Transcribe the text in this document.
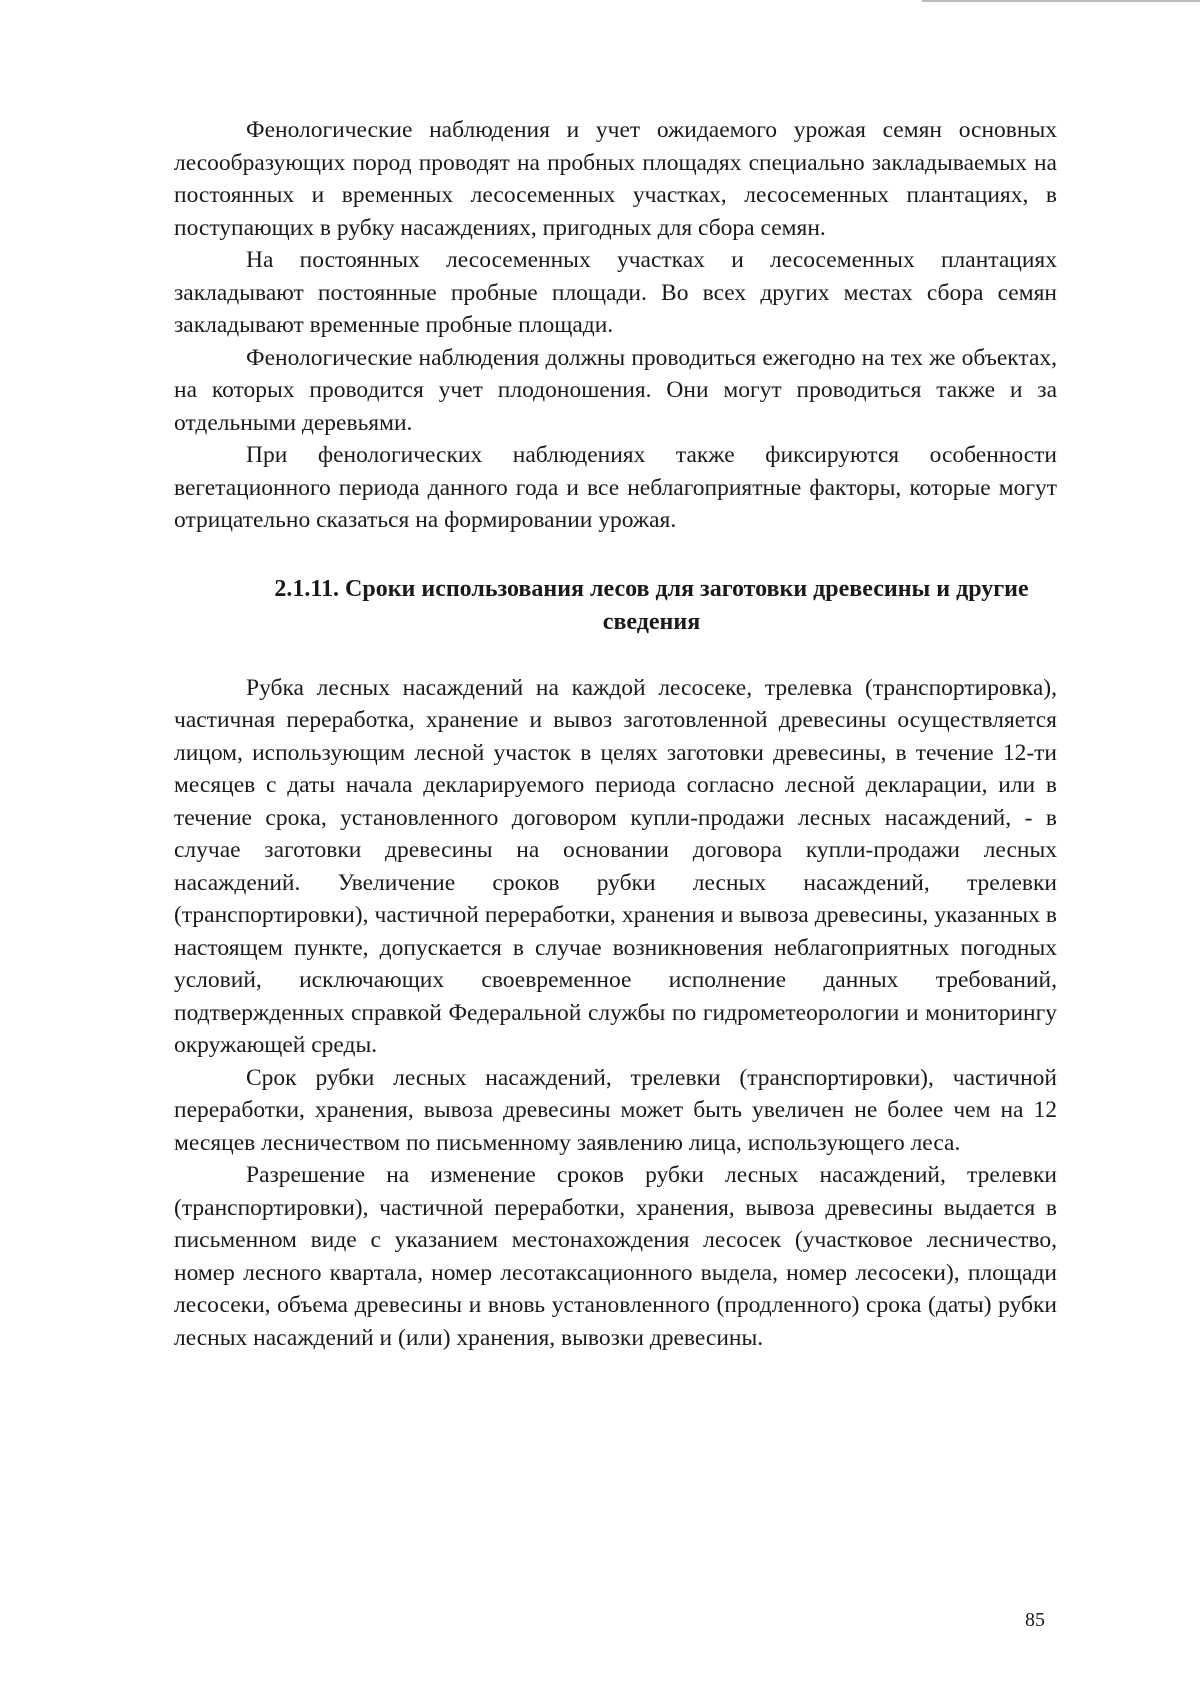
Фенологические наблюдения и учет ожидаемого урожая семян основных лесообразующих пород проводят на пробных площадях специально закладываемых на постоянных и временных лесосеменных участках, лесосеменных плантациях, в поступающих в рубку насаждениях, пригодных для сбора семян.

На постоянных лесосеменных участках и лесосеменных плантациях закладывают постоянные пробные площади. Во всех других местах сбора семян закладывают временные пробные площади.

Фенологические наблюдения должны проводиться ежегодно на тех же объектах, на которых проводится учет плодоношения. Они могут проводиться также и за отдельными деревьями.

При фенологических наблюдениях также фиксируются особенности вегетационного периода данного года и все неблагоприятные факторы, которые могут отрицательно сказаться на формировании урожая.

2.1.11. Сроки использования лесов для заготовки древесины и другие сведения

Рубка лесных насаждений на каждой лесосеке, трелевка (транспортировка), частичная переработка, хранение и вывоз заготовленной древесины осуществляется лицом, использующим лесной участок в целях заготовки древесины, в течение 12-ти месяцев с даты начала декларируемого периода согласно лесной декларации, или в течение срока, установленного договором купли-продажи лесных насаждений, - в случае заготовки древесины на основании договора купли-продажи лесных насаждений. Увеличение сроков рубки лесных насаждений, трелевки (транспортировки), частичной переработки, хранения и вывоза древесины, указанных в настоящем пункте, допускается в случае возникновения неблагоприятных погодных условий, исключающих своевременное исполнение данных требований, подтвержденных справкой Федеральной службы по гидрометеорологии и мониторингу окружающей среды.

Срок рубки лесных насаждений, трелевки (транспортировки), частичной переработки, хранения, вывоза древесины может быть увеличен не более чем на 12 месяцев лесничеством по письменному заявлению лица, использующего леса.

Разрешение на изменение сроков рубки лесных насаждений, трелевки (транспортировки), частичной переработки, хранения, вывоза древесины выдается в письменном виде с указанием местонахождения лесосек (участковое лесничество, номер лесного квартала, номер лесотаксационного выдела, номер лесосеки), площади лесосеки, объема древесины и вновь установленного (продленного) срока (даты) рубки лесных насаждений и (или) хранения, вывозки древесины.

85
